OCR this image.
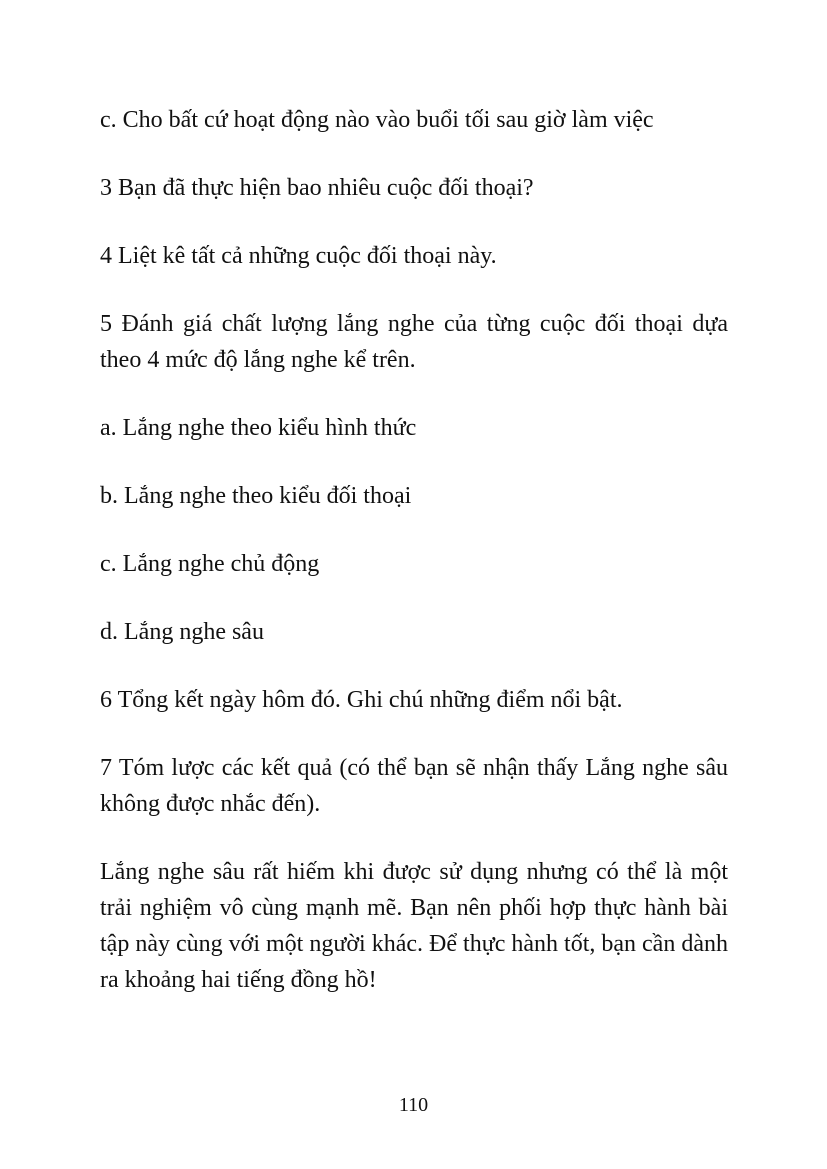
c. Cho bất cứ hoạt động nào vào buổi tối sau giờ làm việc

3 Bạn đã thực hiện bao nhiêu cuộc đối thoại?

4 Liệt kê tất cả những cuộc đối thoại này.

5 Đánh giá chất lượng lắng nghe của từng cuộc đối thoại dựa theo 4 mức độ lắng nghe kể trên.

a. Lắng nghe theo kiểu hình thức

b. Lắng nghe theo kiểu đối thoại

c. Lắng nghe chủ động

d. Lắng nghe sâu

6 Tổng kết ngày hôm đó. Ghi chú những điểm nổi bật.

7 Tóm lược các kết quả (có thể bạn sẽ nhận thấy Lắng nghe sâu không được nhắc đến).

Lắng nghe sâu rất hiếm khi được sử dụng nhưng có thể là một trải nghiệm vô cùng mạnh mẽ. Bạn nên phối hợp thực hành bài tập này cùng với một người khác. Để thực hành tốt, bạn cần dành ra khoảng hai tiếng đồng hồ!

110
